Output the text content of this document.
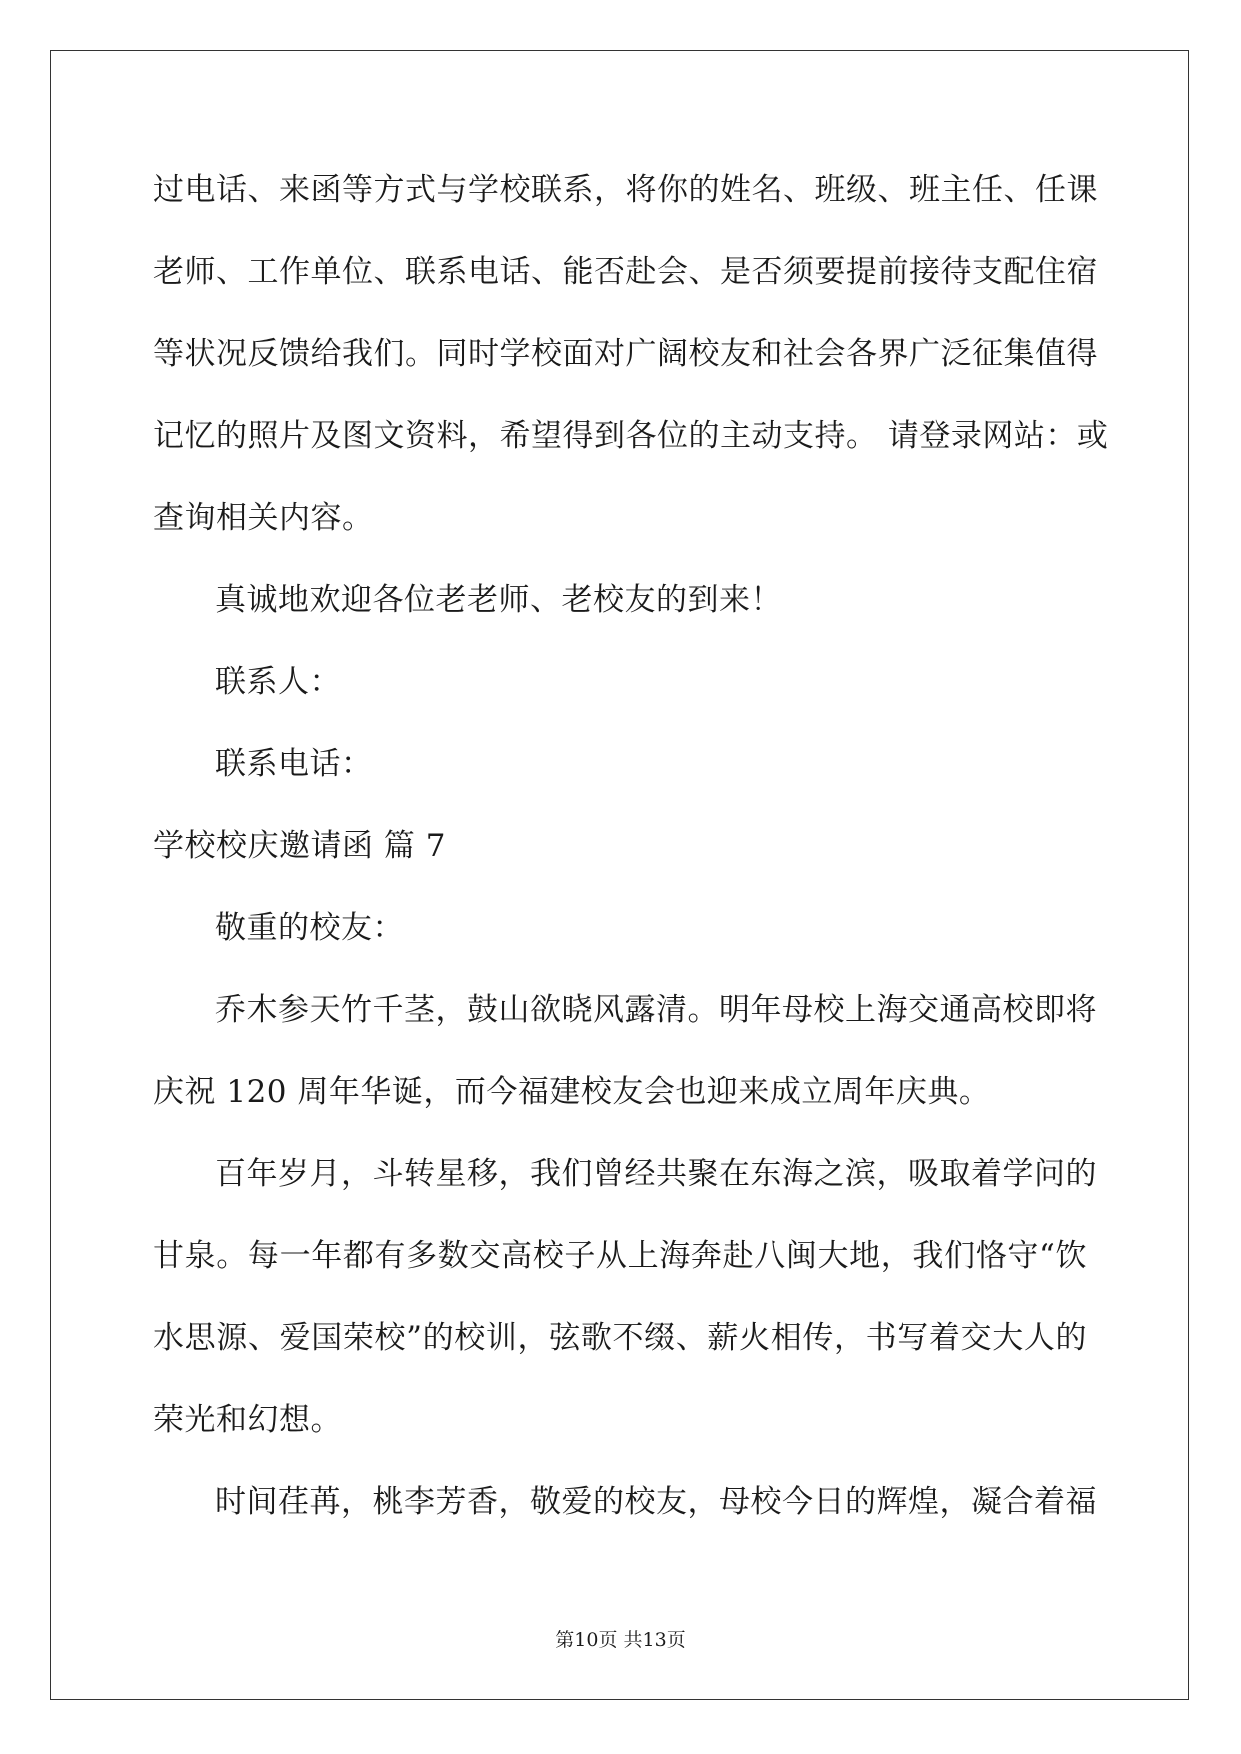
过电话、来函等方式与学校联系，将你的姓名、班级、班主任、任课
老师、工作单位、联系电话、能否赴会、是否须要提前接待支配住宿
等状况反馈给我们。同时学校面对广阔校友和社会各界广泛征集值得
记忆的照片及图文资料，希望得到各位的主动支持。 请登录网站：或
查询相关内容。
真诚地欢迎各位老老师、老校友的到来！
联系人：
联系电话：
学校校庆邀请函 篇 7
敬重的校友：
乔木参天竹千茎，鼓山欲晓风露清。明年母校上海交通高校即将
庆祝 120 周年华诞，而今福建校友会也迎来成立周年庆典。
百年岁月，斗转星移，我们曾经共聚在东海之滨，吸取着学问的
甘泉。每一年都有多数交高校子从上海奔赴八闽大地，我们恪守“饮
水思源、爱国荣校”的校训，弦歌不缀、薪火相传，书写着交大人的
荣光和幻想。
时间荏苒，桃李芳香，敬爱的校友，母校今日的辉煌，凝合着福
第10页 共13页
